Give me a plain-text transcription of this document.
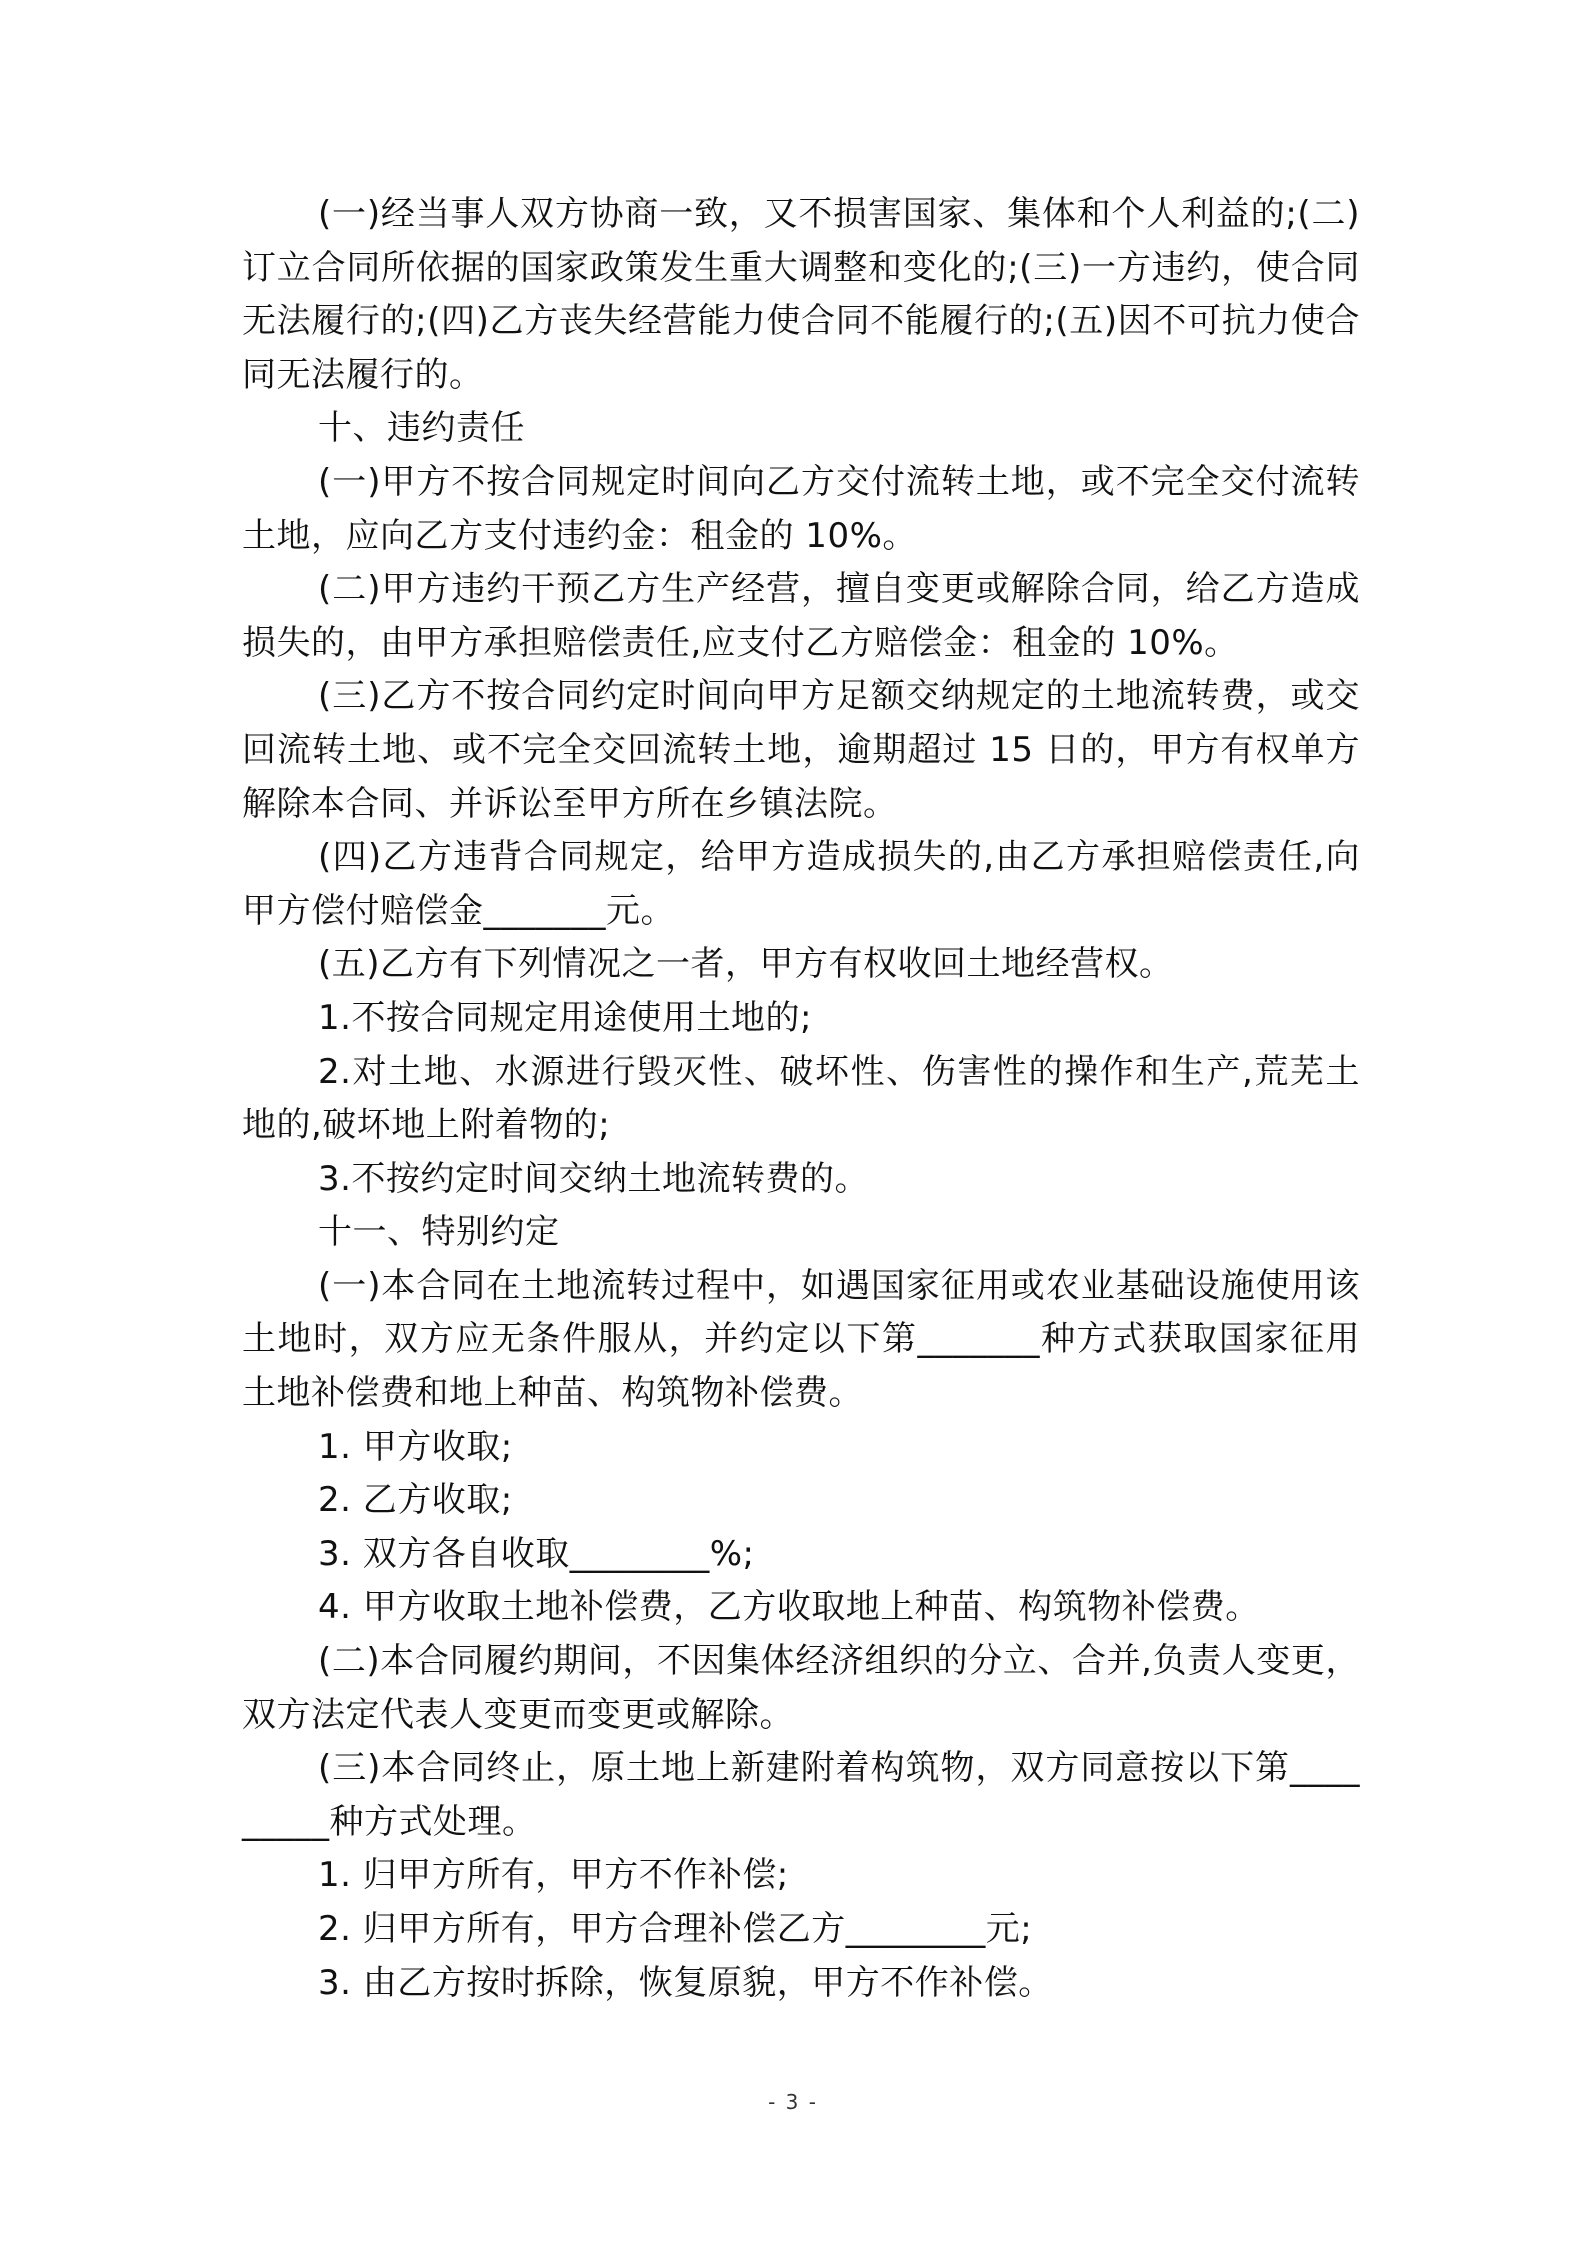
(一)经当事人双方协商一致，又不损害国家、集体和个人利益的;(二)订立合同所依据的国家政策发生重大调整和变化的;(三)一方违约，使合同无法履行的;(四)乙方丧失经营能力使合同不能履行的;(五)因不可抗力使合同无法履行的。

十、违约责任

(一)甲方不按合同规定时间向乙方交付流转土地，或不完全交付流转土地，应向乙方支付违约金：租金的 10%。

(二)甲方违约干预乙方生产经营，擅自变更或解除合同，给乙方造成损失的，由甲方承担赔偿责任,应支付乙方赔偿金：租金的 10%。

(三)乙方不按合同约定时间向甲方足额交纳规定的土地流转费，或交回流转土地、或不完全交回流转土地，逾期超过 15 日的，甲方有权单方解除本合同、并诉讼至甲方所在乡镇法院。

(四)乙方违背合同规定，给甲方造成损失的,由乙方承担赔偿责任,向甲方偿付赔偿金_______元。

(五)乙方有下列情况之一者，甲方有权收回土地经营权。

1.不按合同规定用途使用土地的;

2.对土地、水源进行毁灭性、破坏性、伤害性的操作和生产,荒芜土地的,破坏地上附着物的;

3.不按约定时间交纳土地流转费的。

十一、特别约定

(一)本合同在土地流转过程中，如遇国家征用或农业基础设施使用该土地时，双方应无条件服从，并约定以下第_______种方式获取国家征用土地补偿费和地上种苗、构筑物补偿费。

1. 甲方收取;

2. 乙方收取;

3. 双方各自收取________%;

4. 甲方收取土地补偿费，乙方收取地上种苗、构筑物补偿费。

(二)本合同履约期间，不因集体经济组织的分立、合并,负责人变更，双方法定代表人变更而变更或解除。

(三)本合同终止，原土地上新建附着构筑物，双方同意按以下第_________种方式处理。

1. 归甲方所有，甲方不作补偿;

2. 归甲方所有，甲方合理补偿乙方________元;

3. 由乙方按时拆除，恢复原貌，甲方不作补偿。

- 3 -
